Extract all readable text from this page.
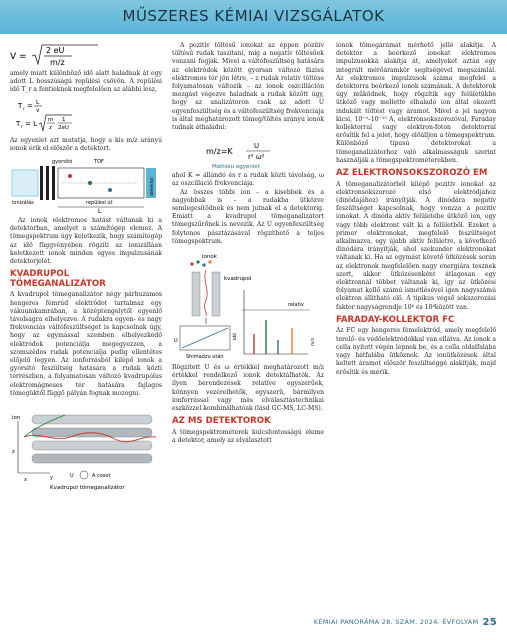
MŰSZERES KÉMIAI VIZSGÁLATOK
V =
2 eU
m/z

amely miatt különböző idő alatt haladnak át egy adott L hosszúságú repülési csövön. A repülési idő T_r a fentieknek megfelelően az alábbi lesz,

T r = L
v
T r = L m
z
1
2eU

Az egyenlet azt mutatja, hogy a kis m/z arányú ionok érik el először a detektort.

gyorsító	TOF
detektor
ionizálás	repülési út
L

Az ionok elektromos hatást váltanak ki a detektorban, amelyet a számítógép elemez. A tömegspektrum úgy keletkezik, hogy számítógép az idő függvényében rögzíti az ionizálláan keletkezett ionok minden egyes impulzusának detektorjelét.

KVADRUPOL TÖMEGANALIZÁTOR

A kvadrupol tömeganalizátor négy párhuzamos hengeres fémrúd elektródot tartalmaz egy vákuumkamrában, a középtengelytől egyenlő távolságra elhelyezve. A rudakra egyen- és nagy frekvenciás váltófeszültséget is kapcsolnak úgy, hogy az egymással szemben elhelyezkedő elektródok potenciálja megegyezzen, a szomszédos rudak potenciálja pedig ellentétes előjelű legyen. Az ionforrásból kilépő ionok a gyorsító feszültség hatására a rudak közti térrészben, a folyamatosan változó kvadrupólus elektromágneses tér hatására fajlagos tömegüktől függő pályán fognak mozogni.

ion
z
x	y	U	A cosot
Kvadrupol tömeganalizátor

A pozitív töltésű ionokat az éppen pozitív töltésű rudak taszítani, míg a negatív töltésűek vonzani fogják. Mivel a váltófeszültség hatására az elektródok között gyorsan változó fázisú elektromos tér jön létre, – z rudak relatív töltése folyamatosan változik – az ionok oszcilláción mozgást végezve haladnak a rudak között úgy, hogy az analizátoron csak az adott U egyenfeszültség és a váltófeszültség frekvenciája is által meghatározott tömeg/töltés arányú ionok tudnak áthaladni:

m/z=K
U
r² ω²
Mathieu egyenlet

ahol K = állandó és r a rudak közti távolság, ω az oszcilláció frekvenciája.

Az összes többi ion – a kisebbek és a nagyobbak is – a rudakba ütközve semlegesítődnek és nem jutnak el a detektorig. Emiatt a kvadrupol tömeganalizátort tömegszűrőnek is nevezik. Az U egyenfeszültség folytonos pásztázásával rögzíthető a teljes tömegspektrum.

ionok
kvadrupol
U
Shimadzu után
relatív
idő
m/z

Rögzített U és ω értékkel meghatározott m/z értékkel rendelkező ionok detektálhatók. Az ilyen berendezések relatíve egyszerűek, könnyen vezérelhetők, egyszerű, bármilyen ionforrással vagy más elválasztástechnikai eszközzel kombinálhatóak (lásd GC-MS, LC-MS).

AZ MS DETEKTOROK

A tömegspektrométerek kulcsfontosságú eleme a detektor, amely az elválasztott

ionok tömegárámát mérhető jellé alakítja. A detektor a beérkező ionokat elektromos impulzusokká alakítja át, amelyeket aztán egy integrált mérőáramkör segítségével megszámlál. Az elektromos impulzusok száma megfelel a detektorra beérkező ionok számának. A detektorok úgy működnek, hogy rögzítik egy felületükbe ütköző vagy mellette elhaladó ion által okozott indukált töltést vagy áramot. Mivel a jel nagyon kicsi, 10⁻⁹–10⁻¹⁵ A, elektronsokszorozóval, Faraday kollektorral vagy elektron-foton detektorral erősítik fel a jelet, hogy előálljon a tömegspektrum. Különböző típusú detektorokat a tömeganalizátorhoz való alkalmasságuk szerint használják a tömegspektrométerekben.

AZ ELEKTRONSOKSZOROZÓ EM

A tömeganalizátorból kilépő pozitív ionokat az elektronsokszorozó első elektródjához (dinódájához) irányítják. A dinódára negatív feszültséget kapcsolnak, hogy vonzza a pozitív ionokat. A dinóda aktív felületébe ütköző ion, egy vagy több elektront vált ki a felületből. Ezeket a primer elektronokat, megfelelő feszültséget alkalmazva, egy újabb aktív felületre, a következő dinódára irányítják, ahol szekunder elektronokat váltanak ki. Ha az egymást követő ütközések során az elektronok megfelelően nagy energiára tesznek szert, akkor ütközésenként átlagosan egy elektronnál többet váltanak ki, így az ütközési folyamat kellő számú ismétlésével igen nagyszámú elektron állítható elő. A tipikus végső sokszorozási faktor nagyságrendje 10⁶ és 10⁸között van.

FARADAY-KOLLEKTOR FC

Az FC egy hengeres fémelektród, amely megfelelő terelő- és védőelektródokkal van ellátva. Az ionok a cella nyitott végén lépnek be, és a cella oldalfalába vagy hátfalába ütköznek. Az ionütközések által keltett áramot először feszültséggé alakítják, majd erősítik és mérik.

KÉMIAI PANORÁMA 28. SZÁM, 2024. ÉVFOLYAM 25
